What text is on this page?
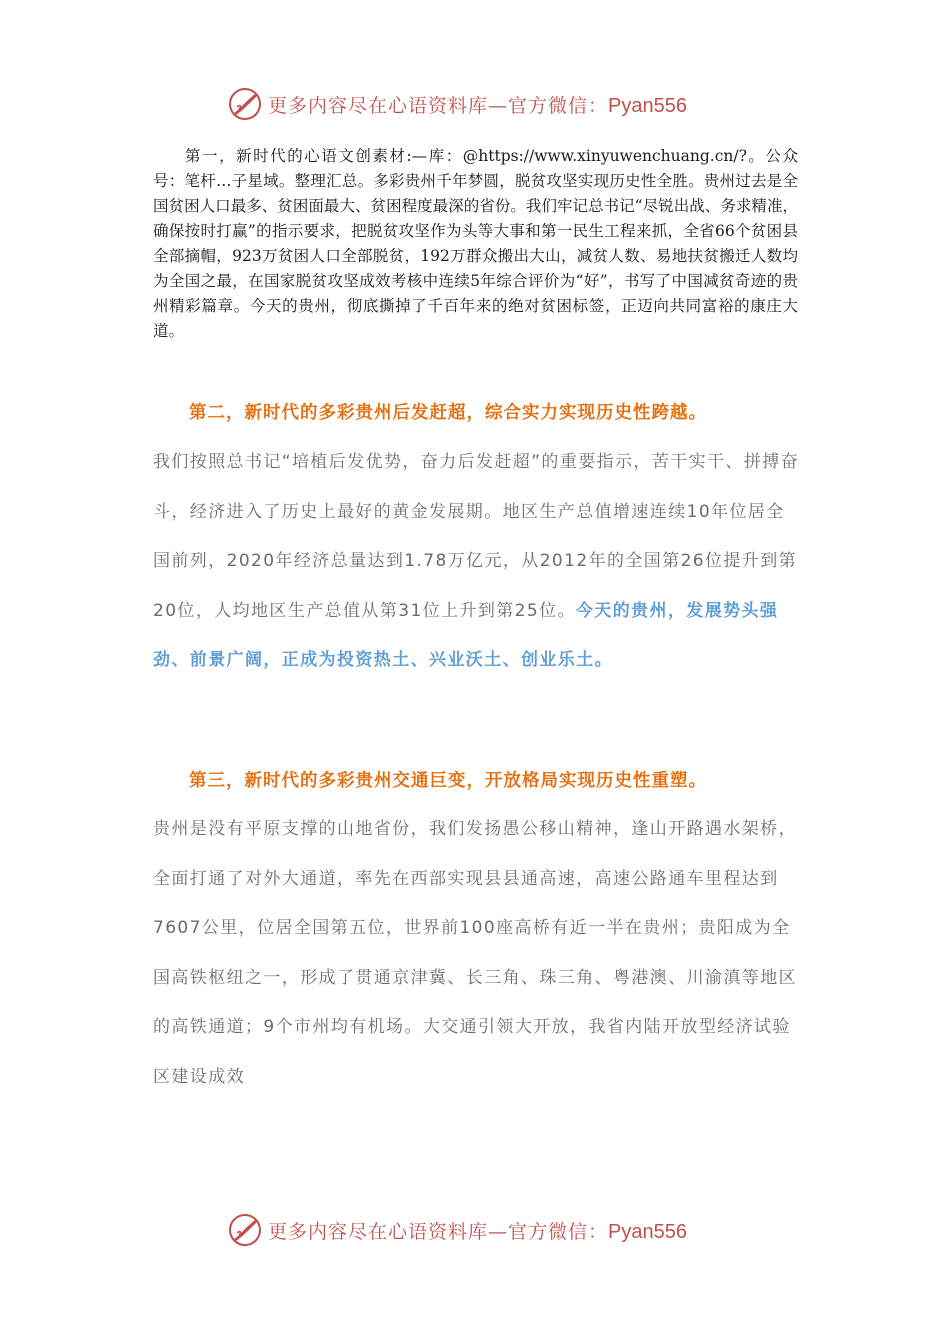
更多内容尽在心语资料库—官方微信：Pyan556

第一，新时代的心语文创素材:—库：@https://www.xinyuwenchuang.cn/?。公众号：笔杆…子星域。整理汇总。多彩贵州千年梦圆，脱贫攻坚实现历史性全胜。贵州过去是全国贫困人口最多、贫困面最大、贫困程度最深的省份。我们牢记总书记“尽锐出战、务求精准，确保按时打赢”的指示要求，把脱贫攻坚作为头等大事和第一民生工程来抓，全省66个贫困县全部摘帽，923万贫困人口全部脱贫，192万群众搬出大山，减贫人数、易地扶贫搬迁人数均为全国之最，在国家脱贫攻坚成效考核中连续5年综合评价为“好”，书写了中国减贫奇迹的贵州精彩篇章。今天的贵州，彻底撕掉了千百年来的绝对贫困标签，正迈向共同富裕的康庄大道。

第二，新时代的多彩贵州后发赶超，综合实力实现历史性跨越。

我们按照总书记“培植后发优势，奋力后发赶超”的重要指示，苦干实干、拼搏奋斗，经济进入了历史上最好的黄金发展期。地区生产总值增速连续10年位居全国前列，2020年经济总量达到1.78万亿元，从2012年的全国第26位提升到第20位，人均地区生产总值从第31位上升到第25位。今天的贵州，发展势头强劲、前景广阔，正成为投资热土、兴业沃土、创业乐土。

第三，新时代的多彩贵州交通巨变，开放格局实现历史性重塑。

贵州是没有平原支撑的山地省份，我们发扬愚公移山精神，逢山开路遇水架桥，全面打通了对外大通道，率先在西部实现县县通高速，高速公路通车里程达到7607公里，位居全国第五位，世界前100座高桥有近一半在贵州；贵阳成为全国高铁枢纽之一，形成了贯通京津冀、长三角、珠三角、粤港澳、川渝滇等地区的高铁通道；9个市州均有机场。大交通引领大开放，我省内陆开放型经济试验区建设成效

更多内容尽在心语资料库—官方微信：Pyan556
